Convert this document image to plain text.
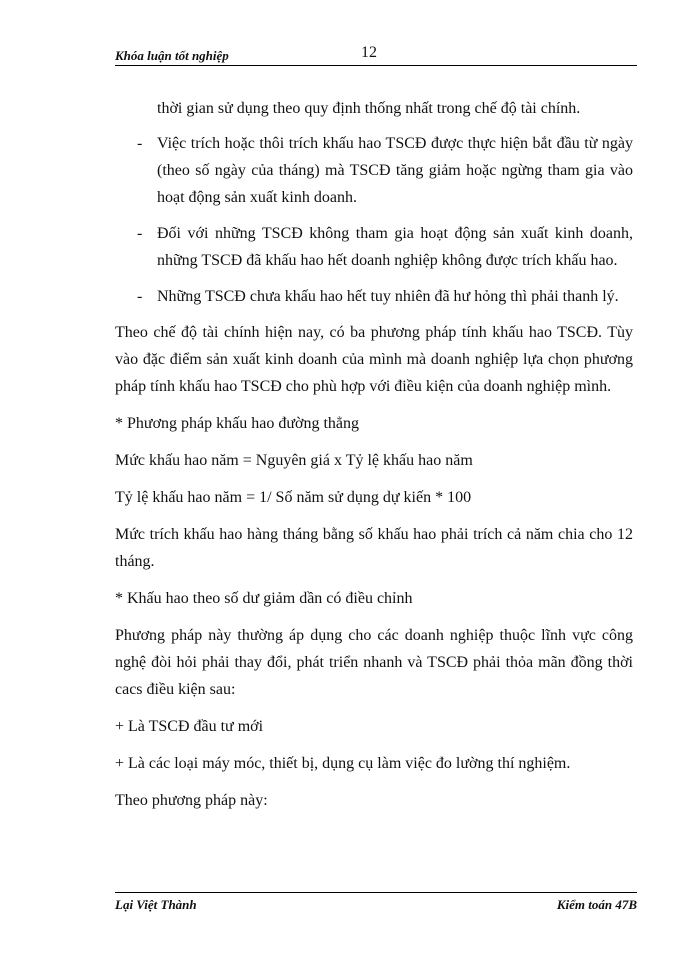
Khóa luận tốt nghiệp	12

thời gian sử dụng theo quy định thống nhất trong chế độ tài chính.

- Việc trích hoặc thôi trích khấu hao TSCĐ được thực hiện bắt đầu từ ngày (theo số ngày của tháng) mà TSCĐ tăng giảm hoặc ngừng tham gia vào hoạt động sản xuất kinh doanh.

- Đối với những TSCĐ không tham gia hoạt động sản xuất kinh doanh, những TSCĐ đã khấu hao hết doanh nghiệp không được trích khấu hao.

- Những TSCĐ chưa khấu hao hết tuy nhiên đã hư hỏng thì phải thanh lý.

Theo chế độ tài chính hiện nay, có ba phương pháp tính khấu hao TSCĐ. Tùy vào đặc điểm sản xuất kinh doanh của mình mà doanh nghiệp lựa chọn phương pháp tính khấu hao TSCĐ cho phù hợp với điều kiện của doanh nghiệp mình.

* Phương pháp khấu hao đường thẳng

Mức khấu hao năm = Nguyên giá x Tỷ lệ khấu hao năm

Tỷ lệ khấu hao năm = 1/ Số năm sử dụng dự kiến * 100

Mức trích khấu hao hàng tháng bằng số khấu hao phải trích cả năm chia cho 12 tháng.

* Khấu hao theo số dư giảm dần có điều chỉnh

Phương pháp này thường áp dụng cho các doanh nghiệp thuộc lĩnh vực công nghệ đòi hỏi phải thay đổi, phát triển nhanh và TSCĐ phải thỏa mãn đồng thời cacs điều kiện sau:

+ Là TSCĐ đầu tư mới

+ Là các loại máy móc, thiết bị, dụng cụ làm việc đo lường thí nghiệm.

Theo phương pháp này:

Lại Việt Thành	Kiểm toán 47B
